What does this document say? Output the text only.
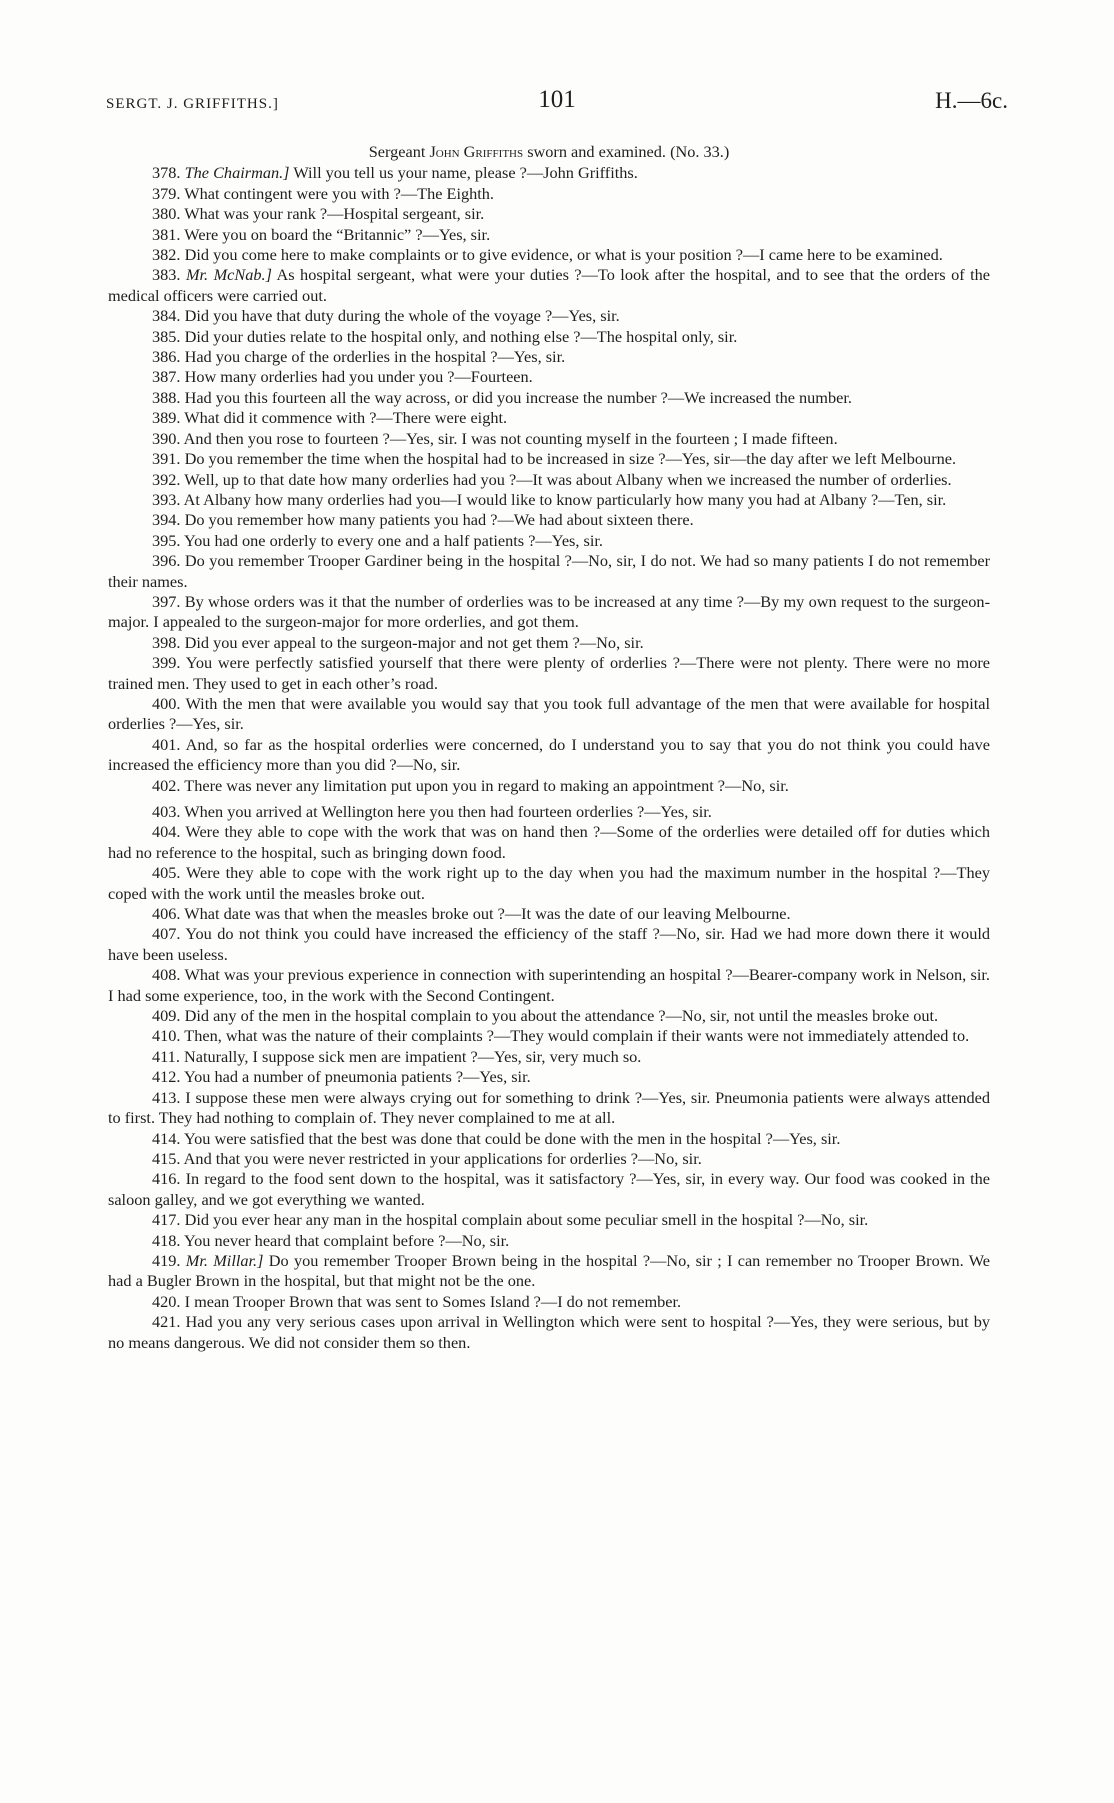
SERGT. J. GRIFFITHS.]	101	H.—6c.

Sergeant John Griffiths sworn and examined. (No. 33.)

378. The Chairman.] Will you tell us your name, please ?—John Griffiths.

379. What contingent were you with ?—The Eighth.

380. What was your rank ?—Hospital sergeant, sir.

381. Were you on board the “Britannic” ?—Yes, sir.

382. Did you come here to make complaints or to give evidence, or what is your position ?—I came here to be examined.

383. Mr. McNab.] As hospital sergeant, what were your duties ?—To look after the hospital, and to see that the orders of the medical officers were carried out.

384. Did you have that duty during the whole of the voyage ?—Yes, sir.

385. Did your duties relate to the hospital only, and nothing else ?—The hospital only, sir.

386. Had you charge of the orderlies in the hospital ?—Yes, sir.

387. How many orderlies had you under you ?—Fourteen.

388. Had you this fourteen all the way across, or did you increase the number ?—We increased the number.

389. What did it commence with ?—There were eight.

390. And then you rose to fourteen ?—Yes, sir. I was not counting myself in the fourteen ; I made fifteen.

391. Do you remember the time when the hospital had to be increased in size ?—Yes, sir—the day after we left Melbourne.

392. Well, up to that date how many orderlies had you ?—It was about Albany when we increased the number of orderlies.

393. At Albany how many orderlies had you—I would like to know particularly how many you had at Albany ?—Ten, sir.

394. Do you remember how many patients you had ?—We had about sixteen there.

395. You had one orderly to every one and a half patients ?—Yes, sir.

396. Do you remember Trooper Gardiner being in the hospital ?—No, sir, I do not. We had so many patients I do not remember their names.

397. By whose orders was it that the number of orderlies was to be increased at any time ?—By my own request to the surgeon-major. I appealed to the surgeon-major for more orderlies, and got them.

398. Did you ever appeal to the surgeon-major and not get them ?—No, sir.

399. You were perfectly satisfied yourself that there were plenty of orderlies ?—There were not plenty. There were no more trained men. They used to get in each other’s road.

400. With the men that were available you would say that you took full advantage of the men that were available for hospital orderlies ?—Yes, sir.

401. And, so far as the hospital orderlies were concerned, do I understand you to say that you do not think you could have increased the efficiency more than you did ?—No, sir.

402. There was never any limitation put upon you in regard to making an appointment ?—No, sir.

403. When you arrived at Wellington here you then had fourteen orderlies ?—Yes, sir.

404. Were they able to cope with the work that was on hand then ?—Some of the orderlies were detailed off for duties which had no reference to the hospital, such as bringing down food.

405. Were they able to cope with the work right up to the day when you had the maximum number in the hospital ?—They coped with the work until the measles broke out.

406. What date was that when the measles broke out ?—It was the date of our leaving Melbourne.

407. You do not think you could have increased the efficiency of the staff ?—No, sir. Had we had more down there it would have been useless.

408. What was your previous experience in connection with superintending an hospital ?—Bearer-company work in Nelson, sir. I had some experience, too, in the work with the Second Contingent.

409. Did any of the men in the hospital complain to you about the attendance ?—No, sir, not until the measles broke out.

410. Then, what was the nature of their complaints ?—They would complain if their wants were not immediately attended to.

411. Naturally, I suppose sick men are impatient ?—Yes, sir, very much so.

412. You had a number of pneumonia patients ?—Yes, sir.

413. I suppose these men were always crying out for something to drink ?—Yes, sir. Pneumonia patients were always attended to first. They had nothing to complain of. They never complained to me at all.

414. You were satisfied that the best was done that could be done with the men in the hospital ?—Yes, sir.

415. And that you were never restricted in your applications for orderlies ?—No, sir.

416. In regard to the food sent down to the hospital, was it satisfactory ?—Yes, sir, in every way. Our food was cooked in the saloon galley, and we got everything we wanted.

417. Did you ever hear any man in the hospital complain about some peculiar smell in the hospital ?—No, sir.

418. You never heard that complaint before ?—No, sir.

419. Mr. Millar.] Do you remember Trooper Brown being in the hospital ?—No, sir ; I can remember no Trooper Brown. We had a Bugler Brown in the hospital, but that might not be the one.

420. I mean Trooper Brown that was sent to Somes Island ?—I do not remember.

421. Had you any very serious cases upon arrival in Wellington which were sent to hospital ?—Yes, they were serious, but by no means dangerous. We did not consider them so then.
